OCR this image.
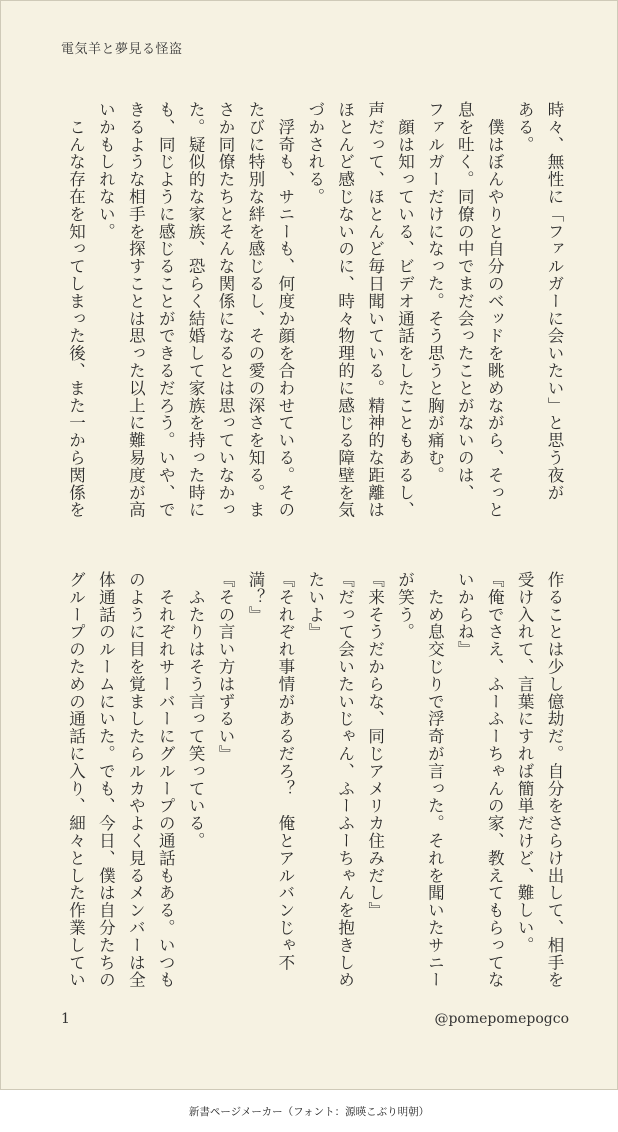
電気羊と夢見る怪盗

時々、無性に「ファルガーに会いたい」と思う夜が

ある。

　僕はぼんやりと自分のベッドを眺めながら、そっと

息を吐く。同僚の中でまだ会ったことがないのは、

ファルガーだけになった。そう思うと胸が痛む。

　顔は知っている、ビデオ通話をしたこともあるし、

声だって、ほとんど毎日聞いている。精神的な距離は

ほとんど感じないのに、時々物理的に感じる障壁を気

づかされる。

　浮奇も、サニーも、何度か顔を合わせている。その

たびに特別な絆を感じるし、その愛の深さを知る。ま

さか同僚たちとそんな関係になるとは思っていなかっ

た。疑似的な家族、恐らく結婚して家族を持った時に

も、同じように感じることができるだろう。いや、で

きるような相手を探すことは思った以上に難易度が高

いかもしれない。

　こんな存在を知ってしまった後、また一から関係を

作ることは少し億劫だ。自分をさらけ出して、相手を

受け入れて、言葉にすれば簡単だけど、難しい。

『俺でさえ、ふーふーちゃんの家、教えてもらってな

いからね』

　ため息交じりで浮奇が言った。それを聞いたサニー

が笑う。

『来そうだからな、同じアメリカ住みだし』

『だって会いたいじゃん、ふーふーちゃんを抱きしめ

たいよ』

『それぞれ事情があるだろ？　俺とアルバンじゃ不

満？』

『その言い方はずるい』

　ふたりはそう言って笑っている。

　それぞれサーバーにグループの通話もある。いつも

のように目を覚ましたらルカやよく見るメンバーは全

体通話のルームにいた。でも、今日、僕は自分たちの

グループのための通話に入り、細々とした作業してい

1	@pomepomepogco
新書ページメーカー（フォント：源暎こぶり明朝）
